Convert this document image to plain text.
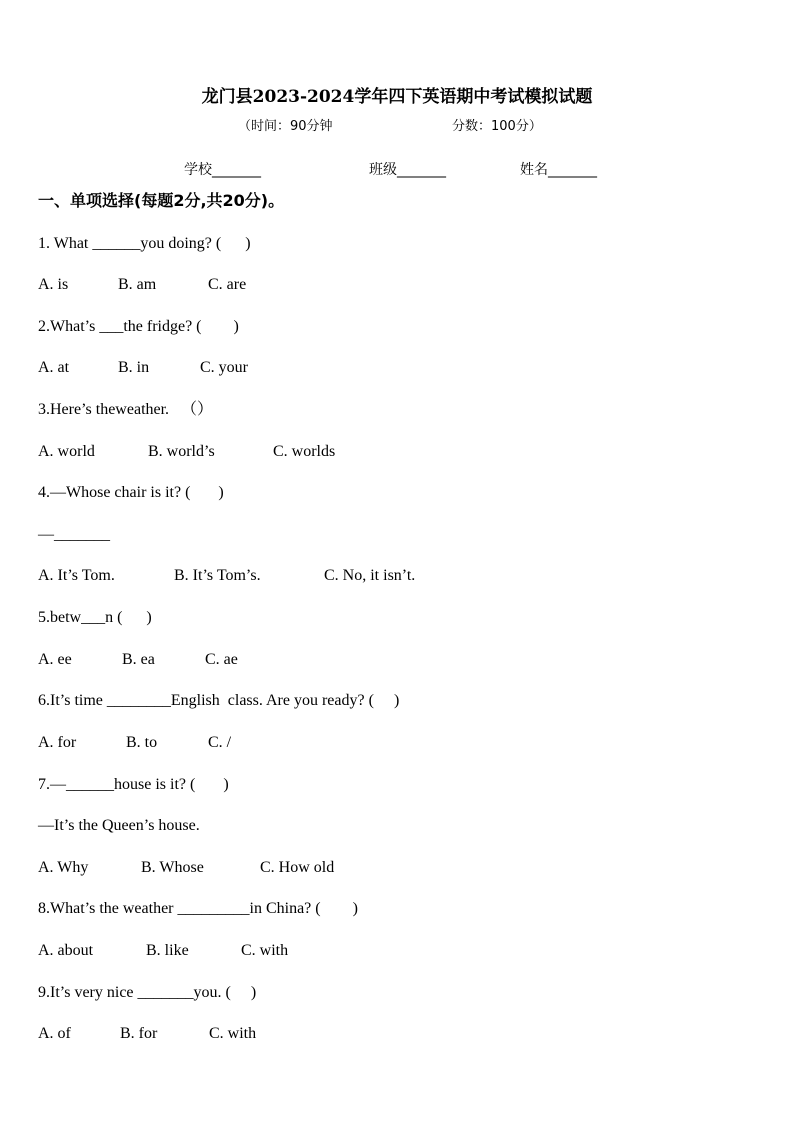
龙门县2023-2024学年四下英语期中考试模拟试题
（时间：90分钟	分数：100分）
学校_______	班级_______	姓名_______
一、单项选择(每题2分,共20分)。
1. What ______you doing? (      )
A. is	B. am	C. are
2.What’s ___the fridge? (        )
A. at	B. in	C. your
3.Here’s theweather.   （）
A. world	B. world’s	C. worlds
4.—Whose chair is it? (       )
—_______
A. It’s Tom.	B. It’s Tom’s.	C. No, it isn’t.
5.betw___n (      )
A. ee	B. ea	C. ae
6.It’s time ________English  class. Are you ready? (     )
A. for	B. to	C. /
7.—______house is it? (       )
—It’s the Queen’s house.
A. Why	B. Whose	C. How old
8.What’s the weather _________in China? (        )
A. about	B. like	C. with
9.It’s very nice _______you. (     )
A. of	B. for	C. with
